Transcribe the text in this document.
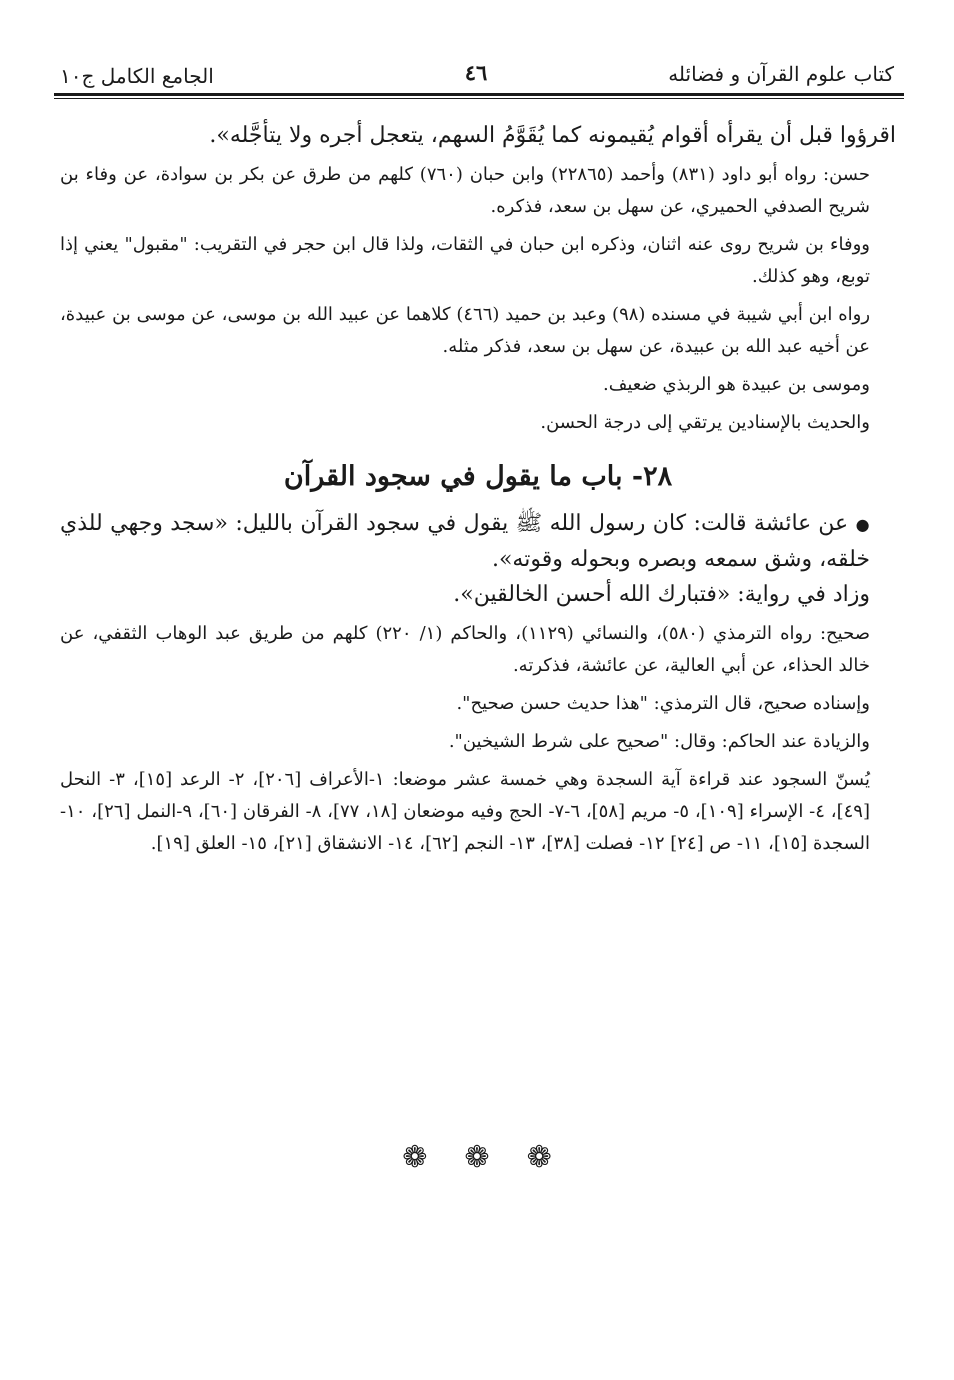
كتاب علوم القرآن و فضائله
٤٦
الجامع الكامل ج١٠

اقرؤوا قبل أن يقرأه أقوام يُقيمونه كما يُقَوَّمُ السهم، يتعجل أجره ولا يتأجَّله».

حسن: رواه أبو داود (٨٣١) وأحمد (٢٢٨٦٥) وابن حبان (٧٦٠) كلهم من طرق عن بكر بن سوادة، عن وفاء بن شريح الصدفي الحميري، عن سهل بن سعد، فذكره.

ووفاء بن شريح روى عنه اثنان، وذكره ابن حبان في الثقات، ولذا قال ابن حجر في التقريب: "مقبول" يعني إذا توبع، وهو كذلك.

رواه ابن أبي شيبة في مسنده (٩٨) وعبد بن حميد (٤٦٦) كلاهما عن عبيد الله بن موسى، عن موسى بن عبيدة، عن أخيه عبد الله بن عبيدة، عن سهل بن سعد، فذكر مثله.

وموسى بن عبيدة هو الربذي ضعيف.

والحديث بالإسنادين يرتقي إلى درجة الحسن.

٢٨- باب ما يقول في سجود القرآن

● عن عائشة قالت: كان رسول الله ﷺ يقول في سجود القرآن بالليل: «سجد وجهي للذي خلقه، وشق سمعه وبصره وبحوله وقوته».

وزاد في رواية: «فتبارك الله أحسن الخالقين».

صحيح: رواه الترمذي (٥٨٠)، والنسائي (١١٢٩)، والحاكم (١/ ٢٢٠) كلهم من طريق عبد الوهاب الثقفي، عن خالد الحذاء، عن أبي العالية، عن عائشة، فذكرته.

وإسناده صحيح، قال الترمذي: "هذا حديث حسن صحيح".

والزيادة عند الحاكم: وقال: "صحيح على شرط الشيخين".

يُسنّ السجود عند قراءة آية السجدة وهي خمسة عشر موضعا: ١-الأعراف [٢٠٦]، ٢- الرعد [١٥]، ٣- النحل [٤٩]، ٤- الإسراء [١٠٩]، ٥- مريم [٥٨]، ٦-٧- الحج وفيه موضعان [١٨، ٧٧]، ٨- الفرقان [٦٠]، ٩-النمل [٢٦]، ١٠- السجدة [١٥]، ١١- ص [٢٤] ١٢- فصلت [٣٨]، ١٣- النجم [٦٢]، ١٤- الانشقاق [٢١]، ١٥- العلق [١٩].

❁ ❁ ❁
